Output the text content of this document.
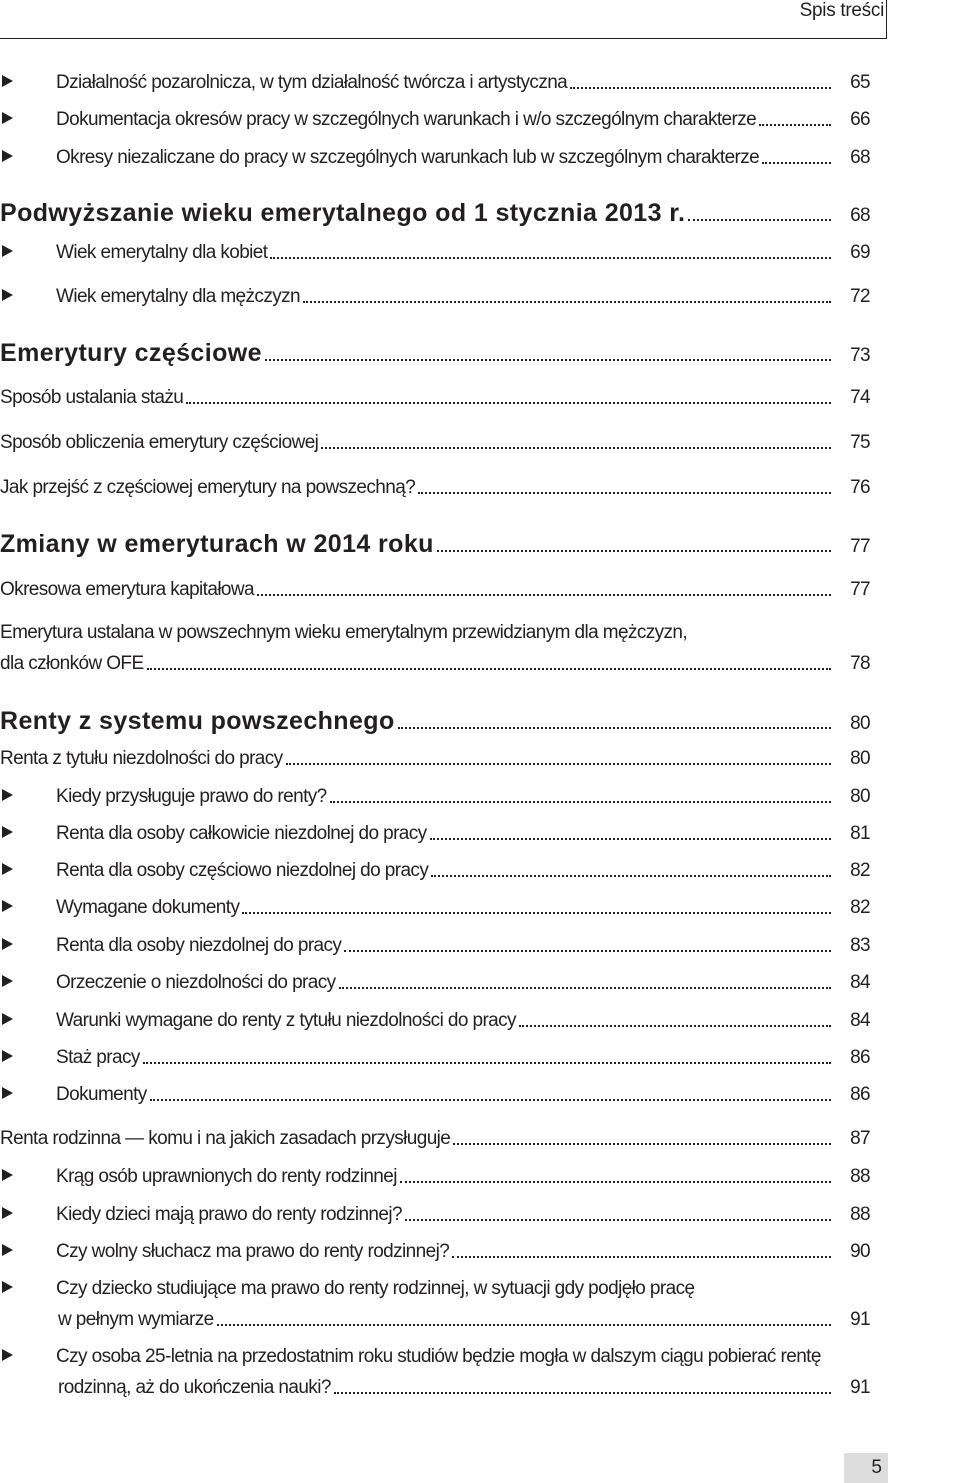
Spis treści
Działalność pozarolnicza, w tym działalność twórcza i artystyczna	65
Dokumentacja okresów pracy w szczególnych warunkach i w/o szczególnym charakterze	66
Okresy niezaliczane do pracy w szczególnych warunkach lub w szczególnym charakterze	68
Podwyższanie wieku emerytalnego od 1 stycznia 2013 r.	68
Wiek emerytalny dla kobiet	69
Wiek emerytalny dla mężczyzn	72
Emerytury częściowe	73
Sposób ustalania stażu	74
Sposób obliczenia emerytury częściowej	75
Jak przejść z częściowej emerytury na powszechną?	76
Zmiany w emeryturach w 2014 roku	77
Okresowa emerytura kapitałowa	77
Emerytura ustalana w powszechnym wieku emerytalnym przewidzianym dla mężczyzn,
dla członków OFE	78
Renty z systemu powszechnego	80
Renta z tytułu niezdolności do pracy	80
Kiedy przysługuje prawo do renty?	80
Renta dla osoby całkowicie niezdolnej do pracy	81
Renta dla osoby częściowo niezdolnej do pracy	82
Wymagane dokumenty	82
Renta dla osoby niezdolnej do pracy	83
Orzeczenie o niezdolności do pracy	84
Warunki wymagane do renty z tytułu niezdolności do pracy	84
Staż pracy	86
Dokumenty	86
Renta rodzinna — komu i na jakich zasadach przysługuje	87
Krąg osób uprawnionych do renty rodzinnej	88
Kiedy dzieci mają prawo do renty rodzinnej?	88
Czy wolny słuchacz ma prawo do renty rodzinnej?	90
Czy dziecko studiujące ma prawo do renty rodzinnej, w sytuacji gdy podjęło pracę
w pełnym wymiarze	91
Czy osoba 25-letnia na przedostatnim roku studiów będzie mogła w dalszym ciągu pobierać rentę
rodzinną, aż do ukończenia nauki?	91
5
